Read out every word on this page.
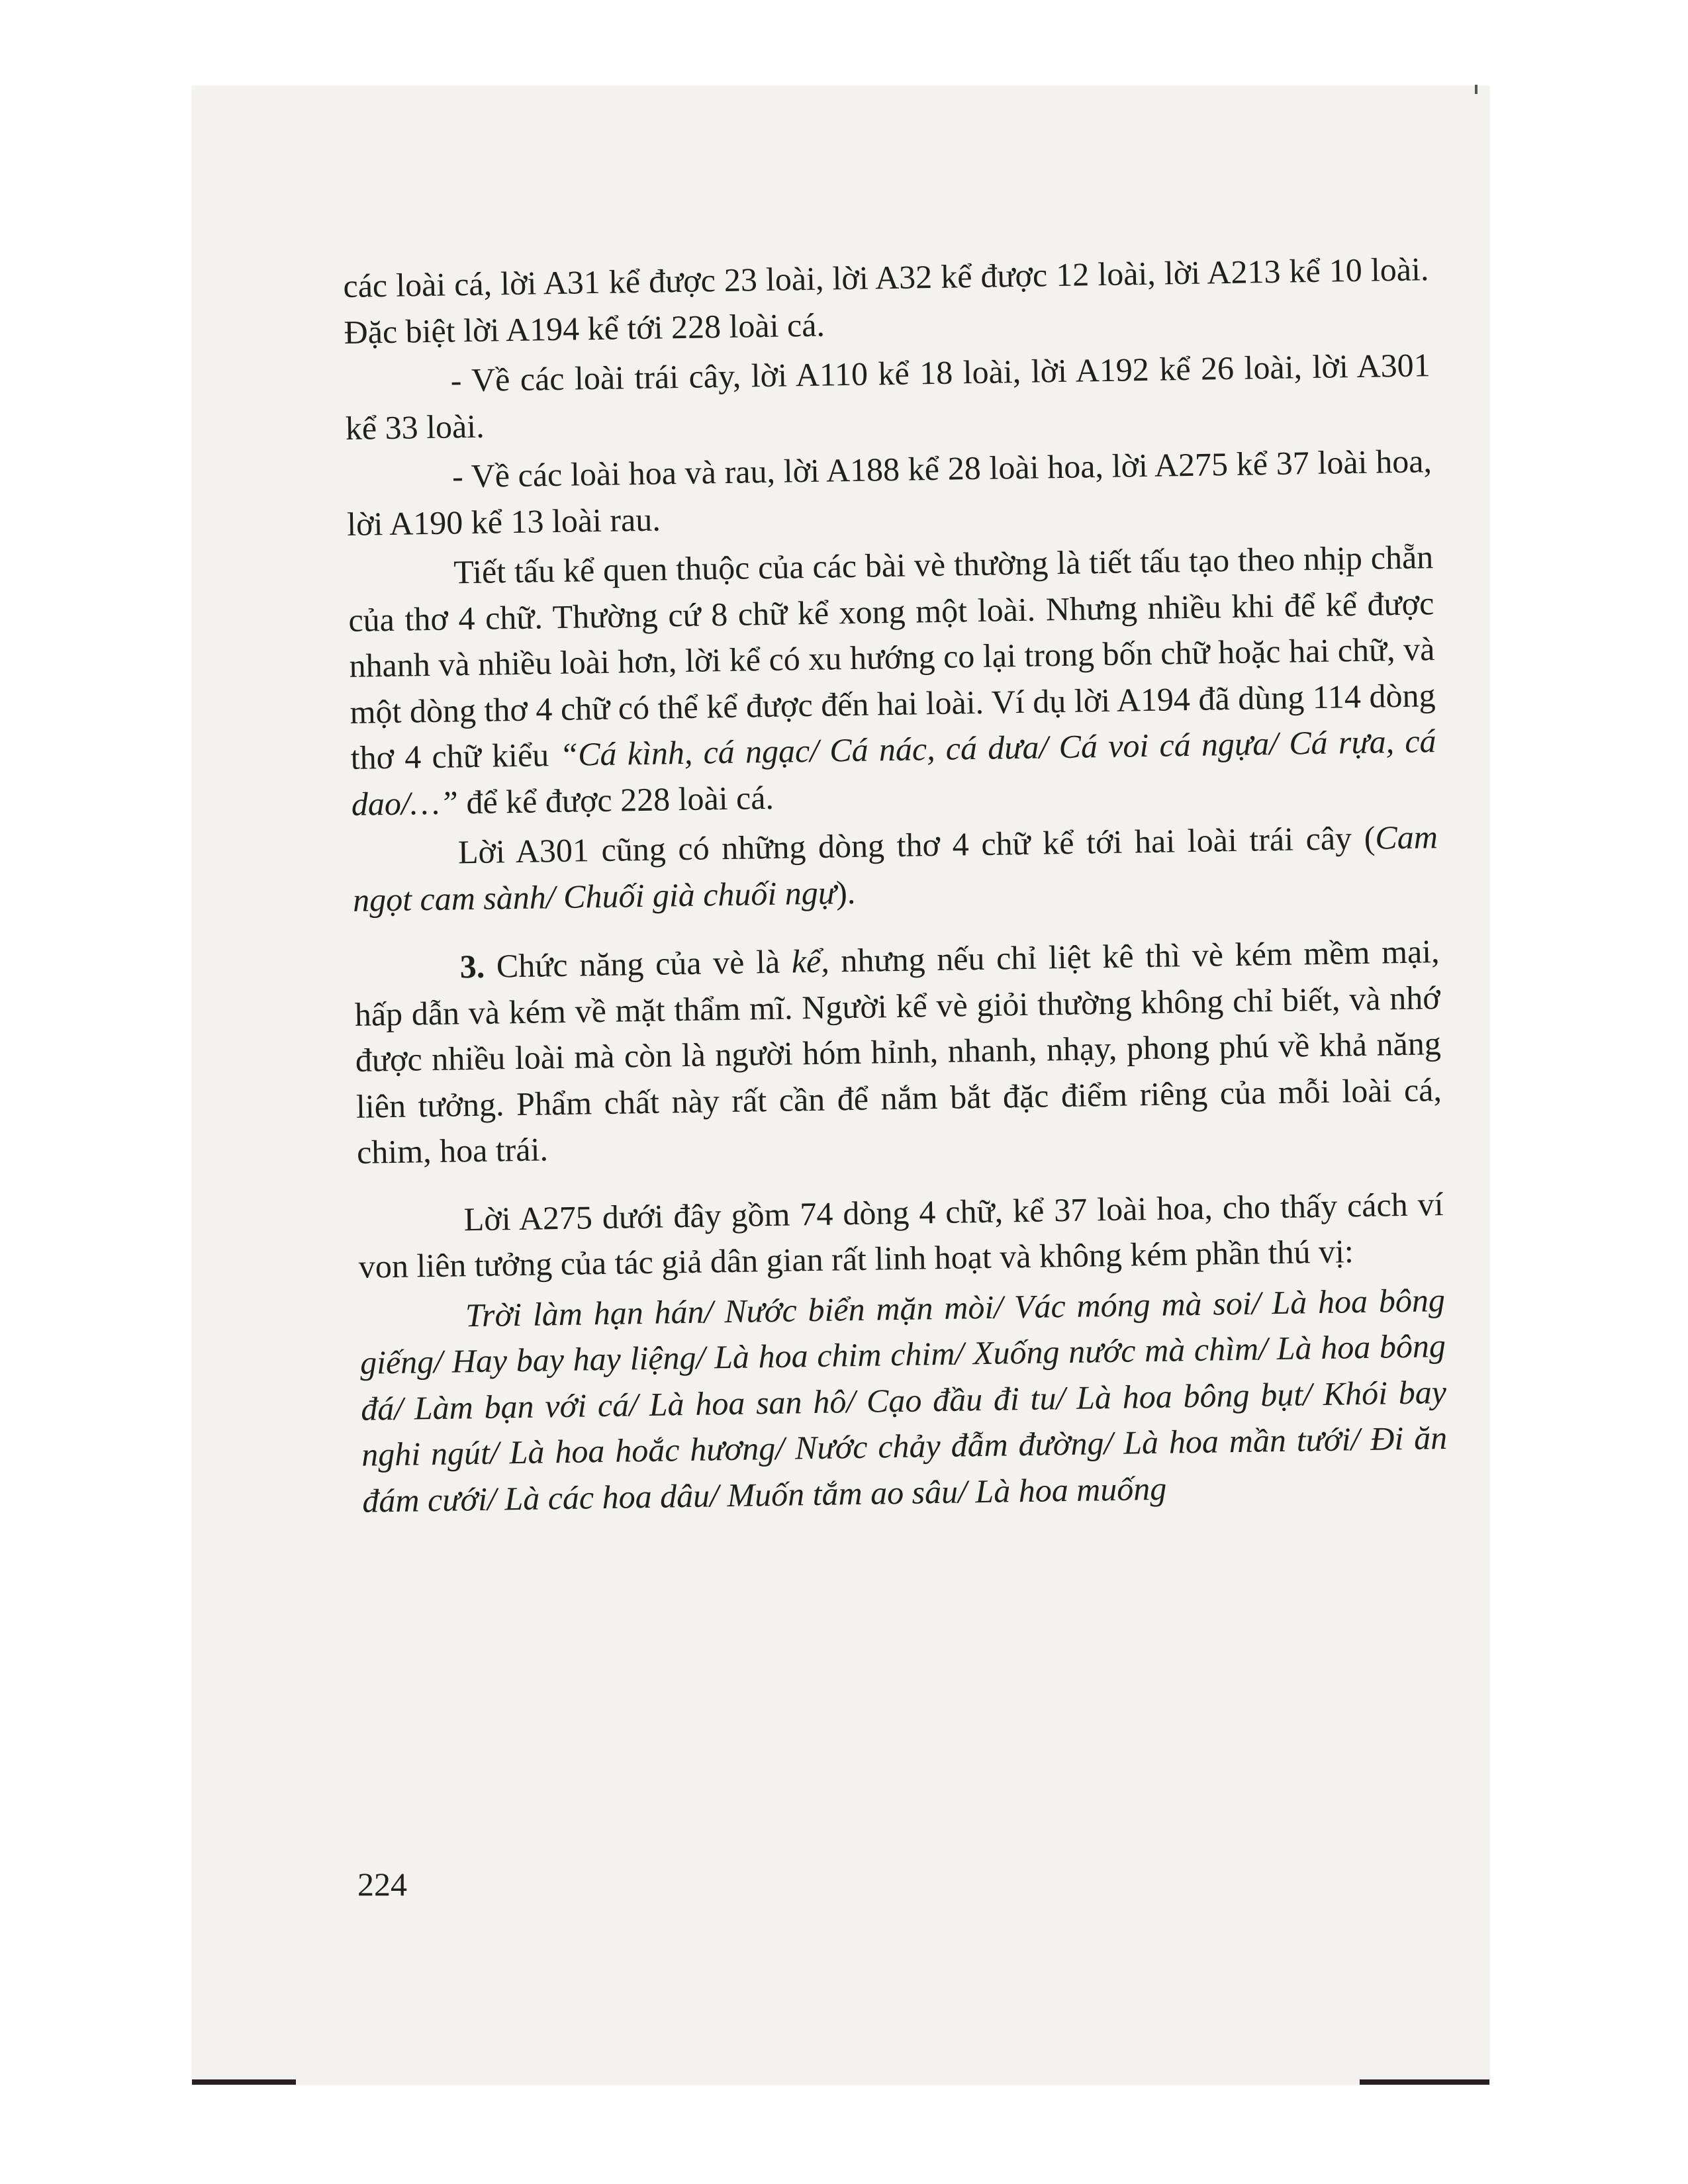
các loài cá, lời A31 kể được 23 loài, lời A32 kể được 12 loài, lời A213 kể 10 loài. Đặc biệt lời A194 kể tới 228 loài cá.

- Về các loài trái cây, lời A110 kể 18 loài, lời A192 kể 26 loài, lời A301 kể 33 loài.

- Về các loài hoa và rau, lời A188 kể 28 loài hoa, lời A275 kể 37 loài hoa, lời A190 kể 13 loài rau.

Tiết tấu kể quen thuộc của các bài vè thường là tiết tấu tạo theo nhịp chẵn của thơ 4 chữ. Thường cứ 8 chữ kể xong một loài. Nhưng nhiều khi để kể được nhanh và nhiều loài hơn, lời kể có xu hướng co lại trong bốn chữ hoặc hai chữ, và một dòng thơ 4 chữ có thể kể được đến hai loài. Ví dụ lời A194 đã dùng 114 dòng thơ 4 chữ kiểu “Cá kình, cá ngạc/ Cá nác, cá dưa/ Cá voi cá ngựa/ Cá rựa, cá dao/…” để kể được 228 loài cá.

Lời A301 cũng có những dòng thơ 4 chữ kể tới hai loài trái cây (Cam ngọt cam sành/ Chuối già chuối ngự).

3. Chức năng của vè là kể, nhưng nếu chỉ liệt kê thì vè kém mềm mại, hấp dẫn và kém về mặt thẩm mĩ. Người kể vè giỏi thường không chỉ biết, và nhớ được nhiều loài mà còn là người hóm hỉnh, nhanh, nhạy, phong phú về khả năng liên tưởng. Phẩm chất này rất cần để nắm bắt đặc điểm riêng của mỗi loài cá, chim, hoa trái.

Lời A275 dưới đây gồm 74 dòng 4 chữ, kể 37 loài hoa, cho thấy cách ví von liên tưởng của tác giả dân gian rất linh hoạt và không kém phần thú vị:

Trời làm hạn hán/ Nước biển mặn mòi/ Vác móng mà soi/ Là hoa bông giếng/ Hay bay hay liệng/ Là hoa chim chim/ Xuống nước mà chìm/ Là hoa bông đá/ Làm bạn với cá/ Là hoa san hô/ Cạo đầu đi tu/ Là hoa bông bụt/ Khói bay nghi ngút/ Là hoa hoắc hương/ Nước chảy đẫm đường/ Là hoa mần tưới/ Đi ăn đám cưới/ Là các hoa dâu/ Muốn tắm ao sâu/ Là hoa muống

224
